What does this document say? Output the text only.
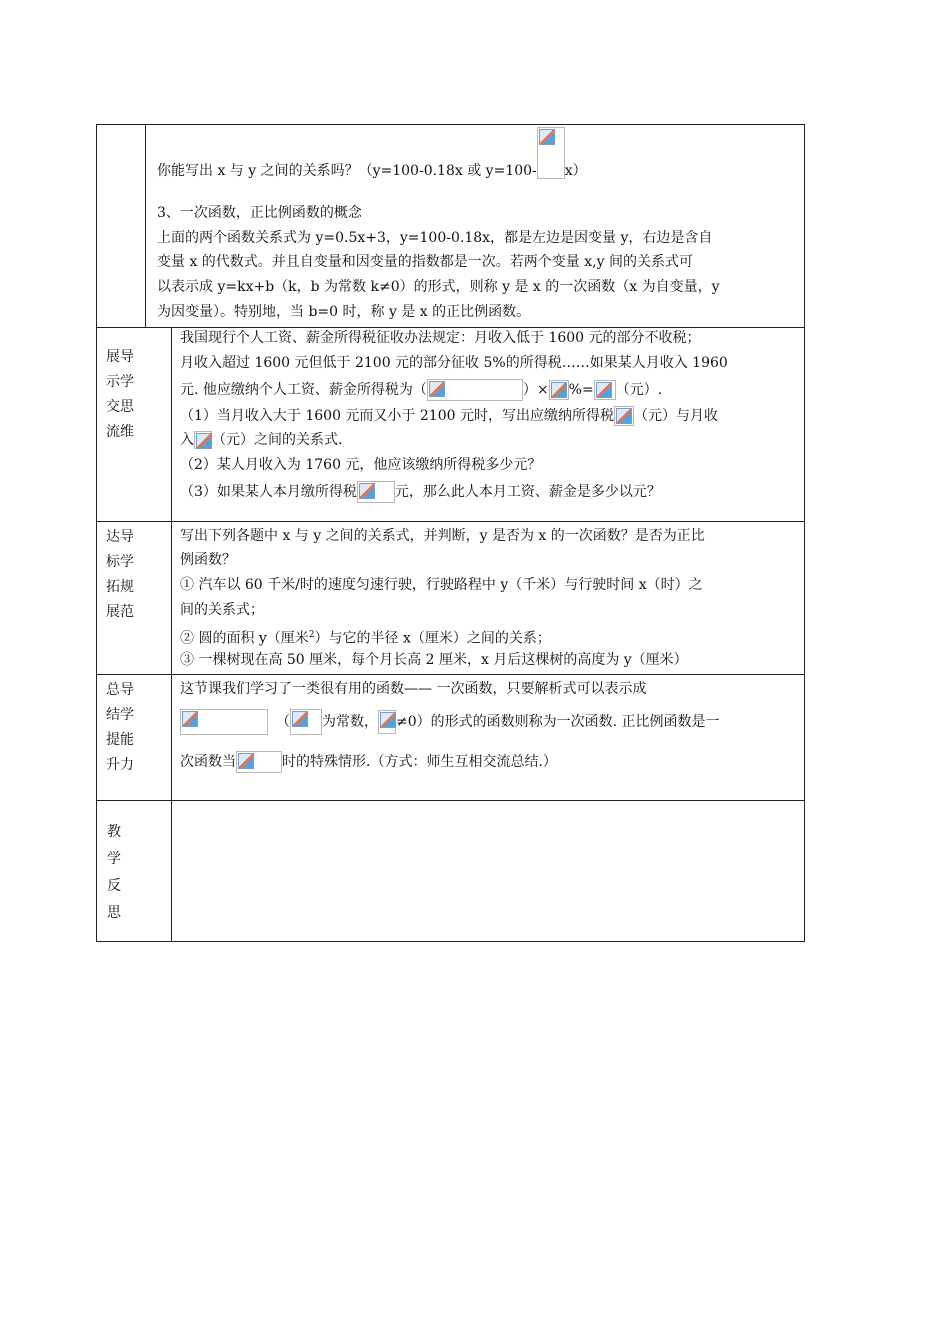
你能写出 x 与 y 之间的关系吗？（y=100-0.18x 或 y=100- x）
3、一次函数，正比例函数的概念
上面的两个函数关系式为 y=0.5x+3，y=100-0.18x，都是左边是因变量 y，右边是含自
变量 x 的代数式。并且自变量和因变量的指数都是一次。若两个变量 x,y 间的关系式可
以表示成 y=kx+b（k，b 为常数 k≠0）的形式，则称 y 是 x 的一次函数（x 为自变量，y
为因变量）。特别地，当 b=0 时，称 y 是 x 的正比例函数。
展导
示学
交思
流维
我国现行个人工资、薪金所得税征收办法规定：月收入低于 1600 元的部分不收税；
月收入超过 1600 元但低于 2100 元的部分征收 5%的所得税……如果某人月收入 1960
元. 他应缴纳个人工资、薪金所得税为（	）× %= （元）.
（1）当月收入大于 1600 元而又小于 2100 元时，写出应缴纳所得税 （元）与月收
入 （元）之间的关系式.
（2）某人月收入为 1760 元，他应该缴纳所得税多少元？
（3）如果某人本月缴所得税	元，那么此人本月工资、薪金是多少以元？
达导
标学
拓规
展范
写出下列各题中 x 与 y 之间的关系式，并判断，y 是否为 x 的一次函数？是否为正比
例函数？
① 汽车以 60 千米/时的速度匀速行驶，行驶路程中 y（千米）与行驶时间 x（时）之
间的关系式；
② 圆的面积 y（厘米$^2$）与它的半径 x（厘米）之间的关系；
③ 一棵树现在高 50 厘米，每个月长高 2 厘米，x 月后这棵树的高度为 y（厘米）
总导
结学
提能
升力
这节课我们学习了一类很有用的函数—— 一次函数，只要解析式可以表示成
（ 为常数， ≠0）的形式的函数则称为一次函数. 正比例函数是一
次函数当	时的特殊情形.（方式：师生互相交流总结.）
教
学
反
思
